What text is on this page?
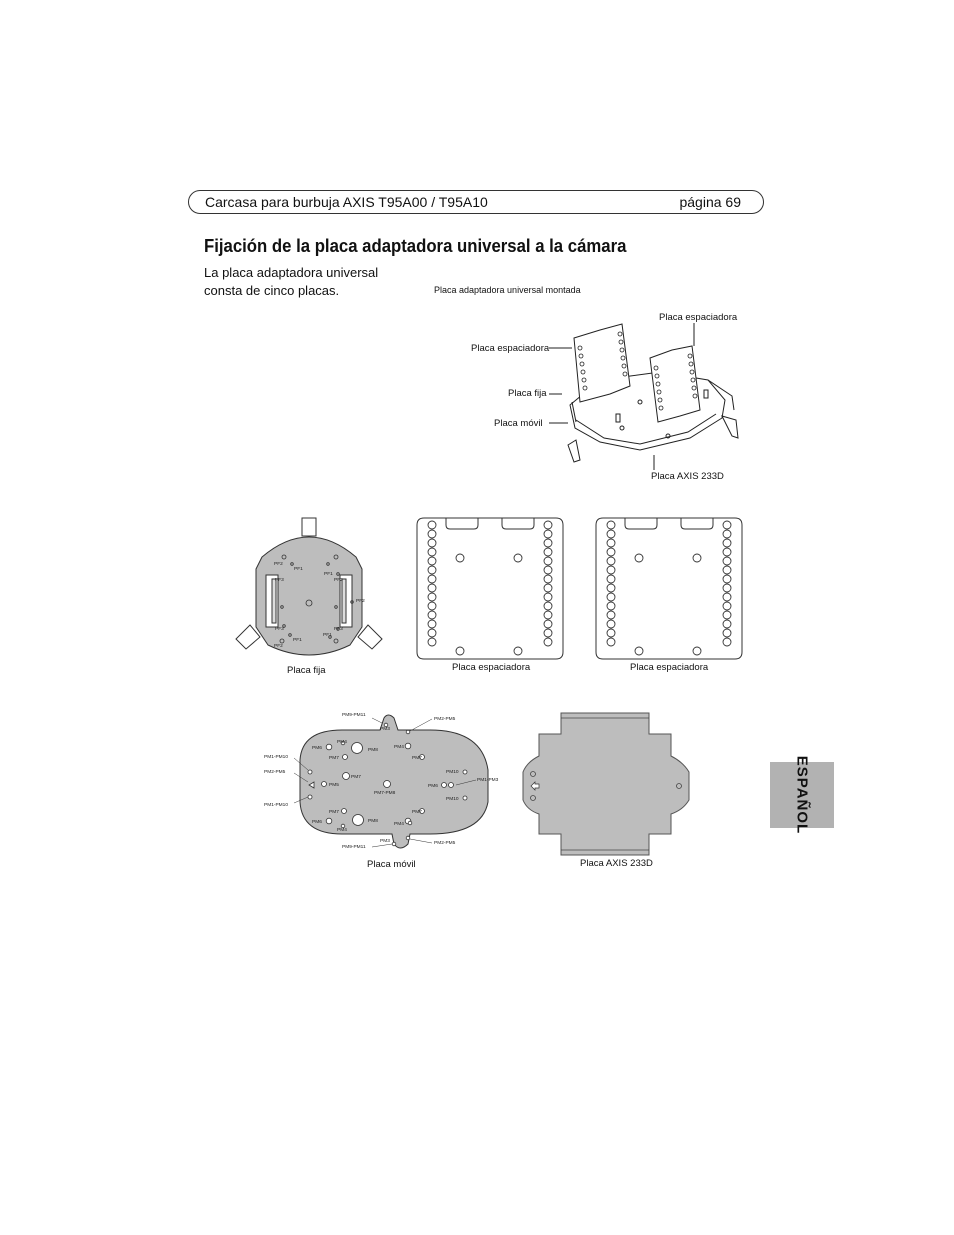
Carcasa para burbuja AXIS T95A00 / T95A10	página 69
Fijación de la placa adaptadora universal a la cámara
La placa adaptadora universal consta de cinco placas.	Placa adaptadora universal montada
Placa espaciadora
Placa espaciadora
Placa fija
Placa móvil
Placa AXIS 233D
PF2
PF1
PF3
PF1
PF2
PF2
PF3	PF3
PF1
PF2
PF1
Placa fija	Placa espaciadora	Placa espaciadora
PM9-PM11
PM3
PM2-PM5
PM4
PM6	PM8
PM4
PM7	PM7
PM1-PM10
PM2-PM5
PM7
PM10
PM1-PM3
PM5	PM6
PM7-PM8
PM10
PM1-PM10
PM7	PM7
PM6	PM8
PM4
PM4
PM3	PM2-PM5
PM9-PM11
Placa móvil	Placa AXIS 233D
ESPAÑOL
